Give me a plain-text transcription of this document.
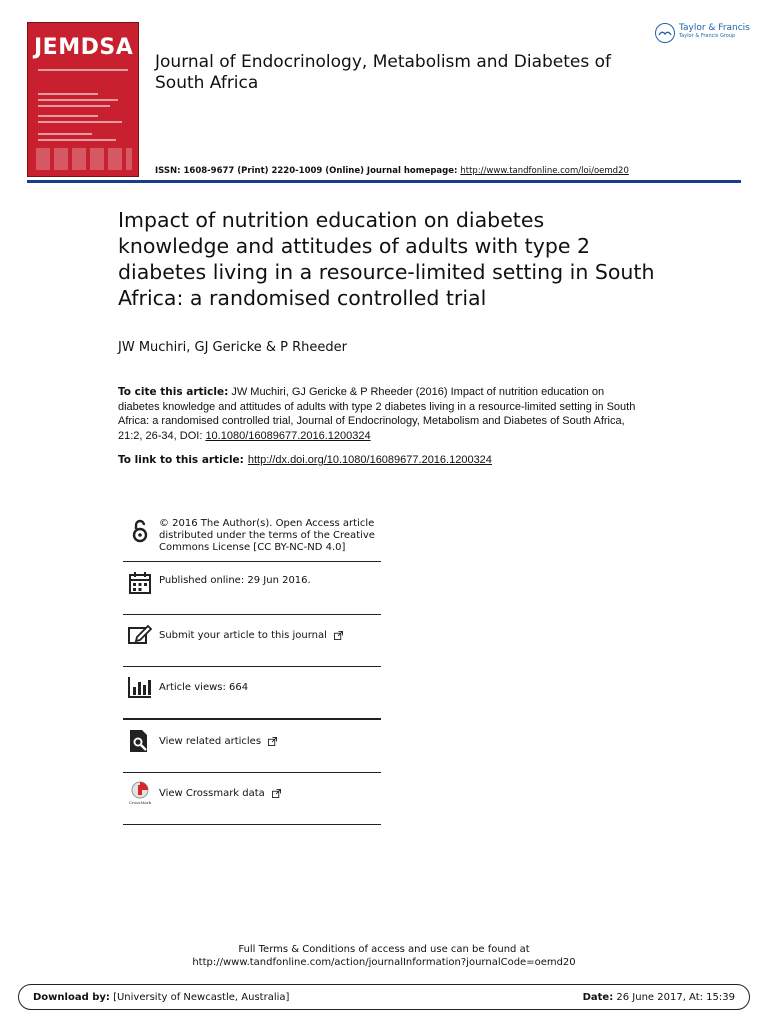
JEMDSA
Journal of Endocrinology, Metabolism and Diabetes of South Africa
Taylor & Francis
Taylor & Francis Group
ISSN: 1608-9677 (Print) 2220-1009 (Online) Journal homepage: http://www.tandfonline.com/loi/oemd20
Impact of nutrition education on diabetes knowledge and attitudes of adults with type 2 diabetes living in a resource-limited setting in South Africa: a randomised controlled trial
JW Muchiri, GJ Gericke & P Rheeder
To cite this article: JW Muchiri, GJ Gericke & P Rheeder (2016) Impact of nutrition education on diabetes knowledge and attitudes of adults with type 2 diabetes living in a resource-limited setting in South Africa: a randomised controlled trial, Journal of Endocrinology, Metabolism and Diabetes of South Africa, 21:2, 26-34, DOI: 10.1080/16089677.2016.1200324
To link to this article: http://dx.doi.org/10.1080/16089677.2016.1200324
© 2016 The Author(s). Open Access article distributed under the terms of the Creative Commons License [CC BY-NC-ND 4.0]
Published online: 29 Jun 2016.
Submit your article to this journal
Article views: 664
View related articles
CrossMark
View Crossmark data
Full Terms & Conditions of access and use can be found at
http://www.tandfonline.com/action/journalInformation?journalCode=oemd20
Download by: [University of Newcastle, Australia]	Date: 26 June 2017, At: 15:39
